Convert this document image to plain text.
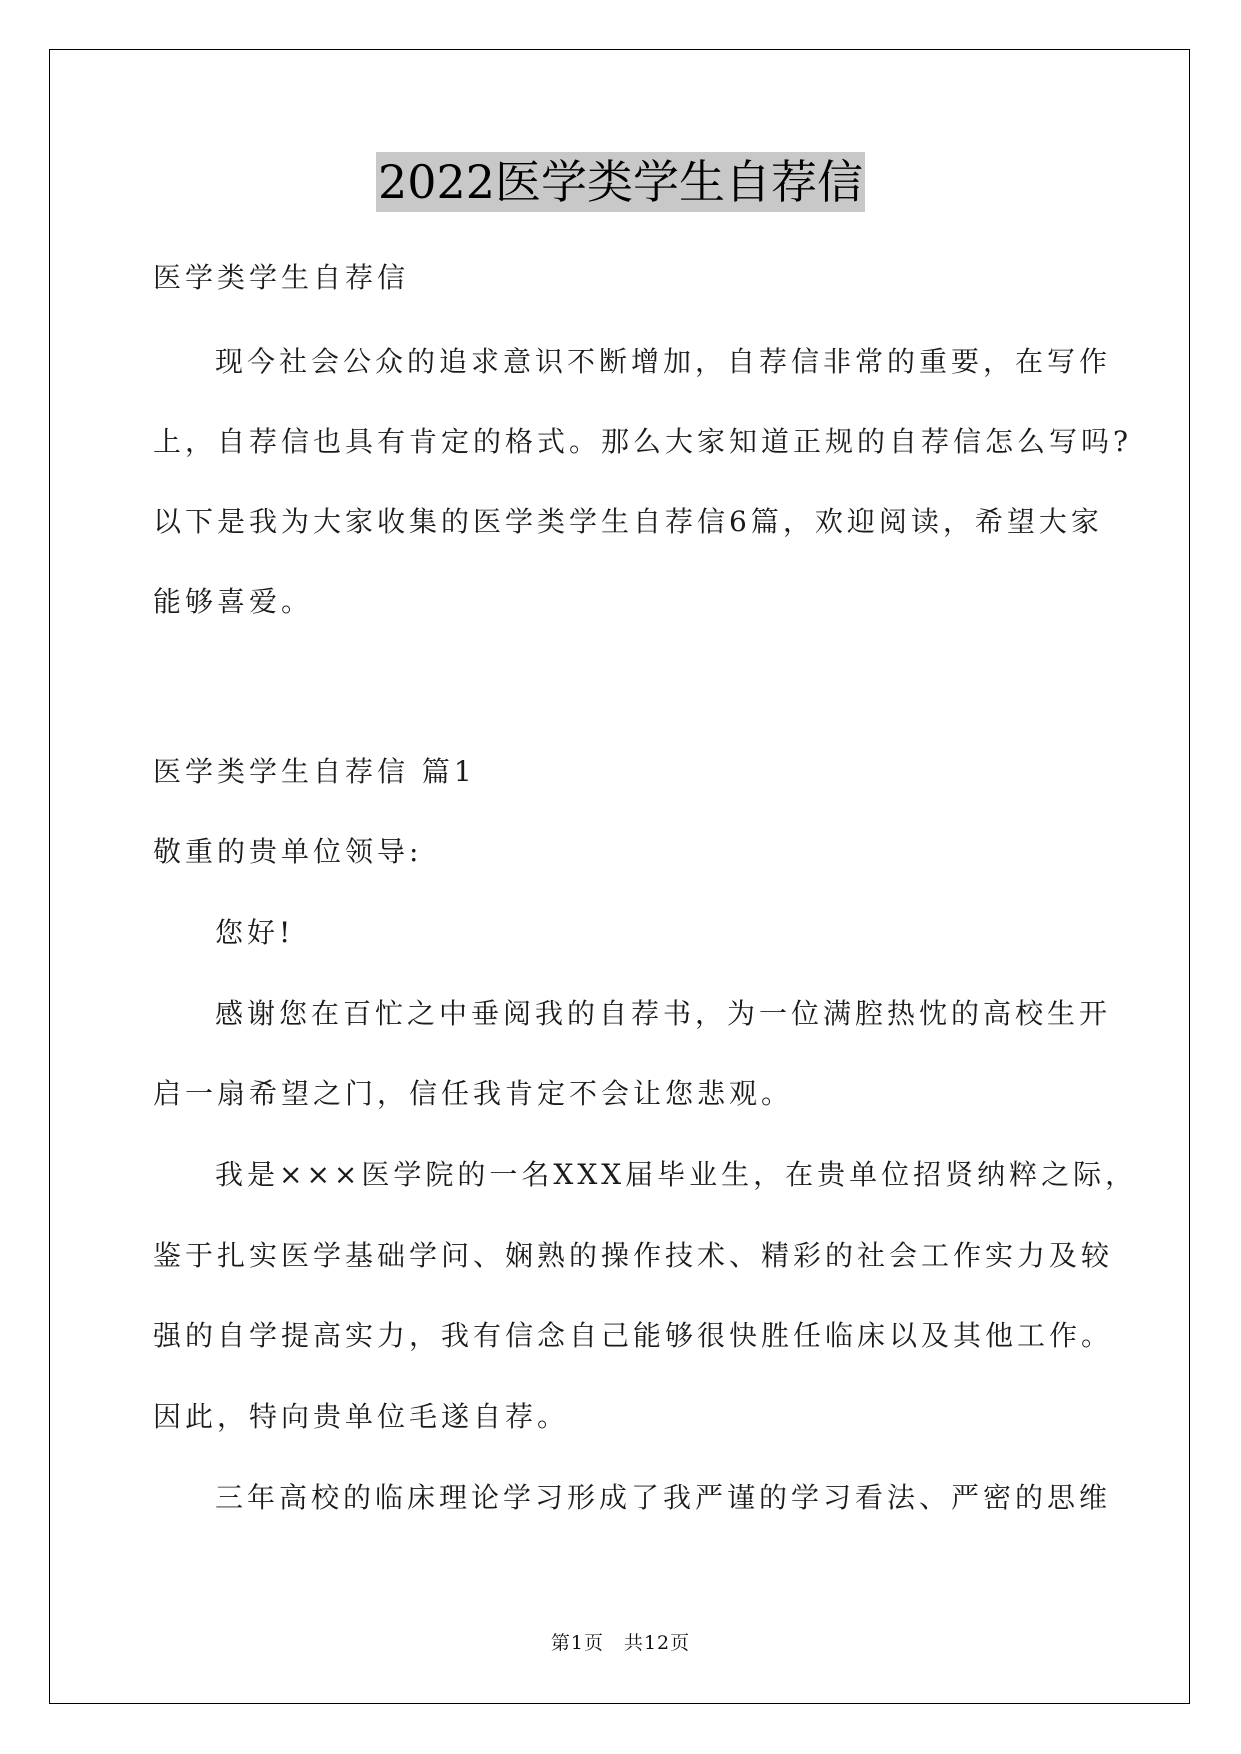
2022医学类学生自荐信
医学类学生自荐信
现今社会公众的追求意识不断增加，自荐信非常的重要，在写作
上，自荐信也具有肯定的格式。那么大家知道正规的自荐信怎么写吗?
以下是我为大家收集的医学类学生自荐信6篇，欢迎阅读，希望大家
能够喜爱。
医学类学生自荐信 篇1
敬重的贵单位领导:
您好!
感谢您在百忙之中垂阅我的自荐书，为一位满腔热忱的高校生开
启一扇希望之门，信任我肯定不会让您悲观。
我是×××医学院的一名XXX届毕业生，在贵单位招贤纳粹之际，
鉴于扎实医学基础学问、娴熟的操作技术、精彩的社会工作实力及较
强的自学提高实力，我有信念自己能够很快胜任临床以及其他工作。
因此，特向贵单位毛遂自荐。
三年高校的临床理论学习形成了我严谨的学习看法、严密的思维
第1页　共12页
